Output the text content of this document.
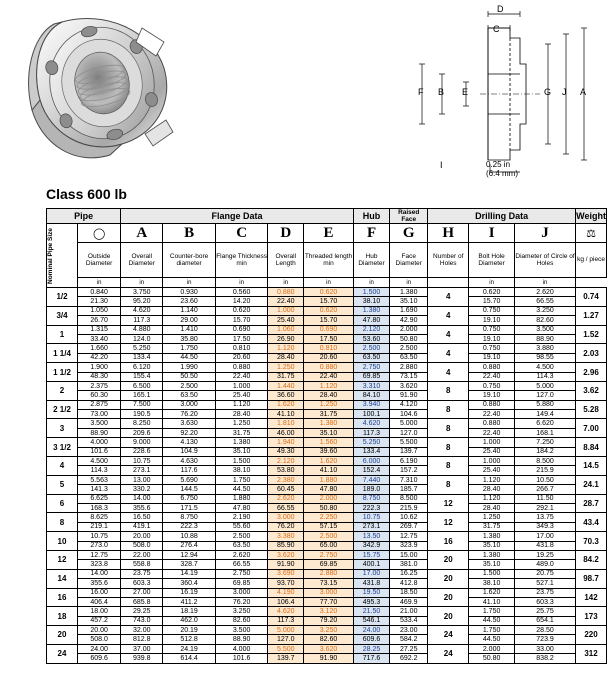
D
C
F B E	G J A
I	0.25 in
(6.4 mm)
Class 600 lb
Pipe		Flange Data					Hub	Raised Face	Drilling Data			Weight

Nominal Pipe Size	◯	A	B	C	D	E	F	G	H	I	J	⚖
	Outside Diameter	Overall Diameter	Counter-bore diameter	Flange Thickness min	Overall Length	Threaded length min	Hub Diameter	Face Diameter	Number of Holes	Bolt Hole Diameter	Diameter of Circle of Holes	kg / piece
	in	in	in	in	in	in	in	in		in	in	
1/2	0.840	3.750	0.930	0.560	0.880	0.620	1.500	1.380	4	0.620	2.620	0.74
	21.30	95.20	23.60	14.20	22.40	15.70	38.10	35.10		15.70	66.55	
3/4	1.050	4.620	1.140	0.620	1.000	0.620	1.380	1.690	4	0.750	3.250	1.27
	26.70	117.3	29.00	15.70	25.40	15.70	47.80	42.90		19.10	82.60	
1	1.315	4.880	1.410	0.690	1.060	0.690	2.120	2.000	4	0.750	3.500	1.52
	33.40	124.0	35.80	17.50	26.90	17.50	53.60	50.80		19.10	88.90	
1 1/4	1.660	5.250	1.750	0.810	1.120	0.810	2.500	2.500	4	0.750	3.880	2.03
	42.20	133.4	44.50	20.60	28.40	20.60	63.50	63.50		19.10	98.55	
1 1/2	1.900	6.120	1.990	0.880	1.250	0.880	2.750	2.880	4	0.880	4.500	2.96
	48.30	155.4	50.50	22.40	31.75	22.40	69.85	73.15		22.40	114.3	
2	2.375	6.500	2.500	1.000	1.440	1.120	3.310	3.620	8	0.750	5.000	3.62
	60.30	165.1	63.50	25.40	36.60	28.40	84.10	91.90		19.10	127.0	
2 1/2	2.875	7.500	3.000	1.120	1.620	1.250	3.940	4.120	8	0.880	5.880	5.28
	73.00	190.5	76.20	28.40	41.10	31.75	100.1	104.6		22.40	149.4	
3	3.500	8.250	3.630	1.250	1.810	1.380	4.620	5.000	8	0.880	6.620	7.00
	88.90	209.6	92.20	31.75	46.00	35.10	117.3	127.0		22.40	168.1	
3 1/2	4.000	9.000	4.130	1.380	1.940	1.560	5.250	5.500	8	1.000	7.250	8.84
	101.6	228.6	104.9	35.10	49.30	39.60	133.4	139.7		25.40	184.2	
4	4.500	10.75	4.630	1.500	2.120	1.620	6.000	6.190	8	1.000	8.500	14.5
	114.3	273.1	117.6	38.10	53.80	41.10	152.4	157.2		25.40	215.9	
5	5.563	13.00	5.690	1.750	2.380	1.880	7.440	7.310	8	1.120	10.50	24.1
	141.3	330.2	144.5	44.50	60.45	47.80	189.0	185.7		28.40	266.7	
6	6.625	14.00	6.750	1.880	2.620	2.000	8.750	8.500	12	1.120	11.50	28.7
	168.3	355.6	171.5	47.80	66.55	50.80	222.3	215.9		28.40	292.1	
8	8.625	16.50	8.750	2.190	3.000	2.250	10.75	10.62	12	1.250	13.75	43.4
	219.1	419.1	222.3	55.60	76.20	57.15	273.1	269.7		31.75	349.3	
10	10.75	20.00	10.88	2.500	3.380	2.500	13.50	12.75	16	1.380	17.00	70.3
	273.0	508.0	276.4	63.50	85.90	65.00	342.9	323.9		35.10	431.8	
12	12.75	22.00	12.94	2.620	3.620	2.750	15.75	15.00	20	1.380	19.25	84.2
	323.8	558.8	328.7	66.55	91.90	69.85	400.1	381.0		35.10	489.0	
14	14.00	23.75	14.19	2.750	3.690	2.880	17.00	16.25	20	1.500	20.75	98.7
	355.6	603.3	360.4	69.85	93.70	73.15	431.8	412.8		38.10	527.1	
16	16.00	27.00	16.19	3.000	4.190	3.000	19.50	18.50	20	1.620	23.75	142
	406.4	685.8	411.2	76.20	106.4	77.70	495.3	469.9		41.10	603.3	
18	18.00	29.25	18.19	3.250	4.620	3.120	21.50	21.00	20	1.750	25.75	173
	457.2	743.0	462.0	82.60	117.3	79.20	546.1	533.4		44.50	654.1	
20	20.00	32.00	20.19	3.500	5.000	3.250	24.00	23.00	24	1.750	28.50	220
	508.0	812.8	512.8	88.90	127.0	82.60	609.6	584.2		44.50	723.9	
24	24.00	37.00	24.19	4.000	5.500	3.620	28.25	27.25	24	2.000	33.00	312
	609.6	939.8	614.4	101.6	139.7	91.90	717.6	692.2		50.80	838.2	
